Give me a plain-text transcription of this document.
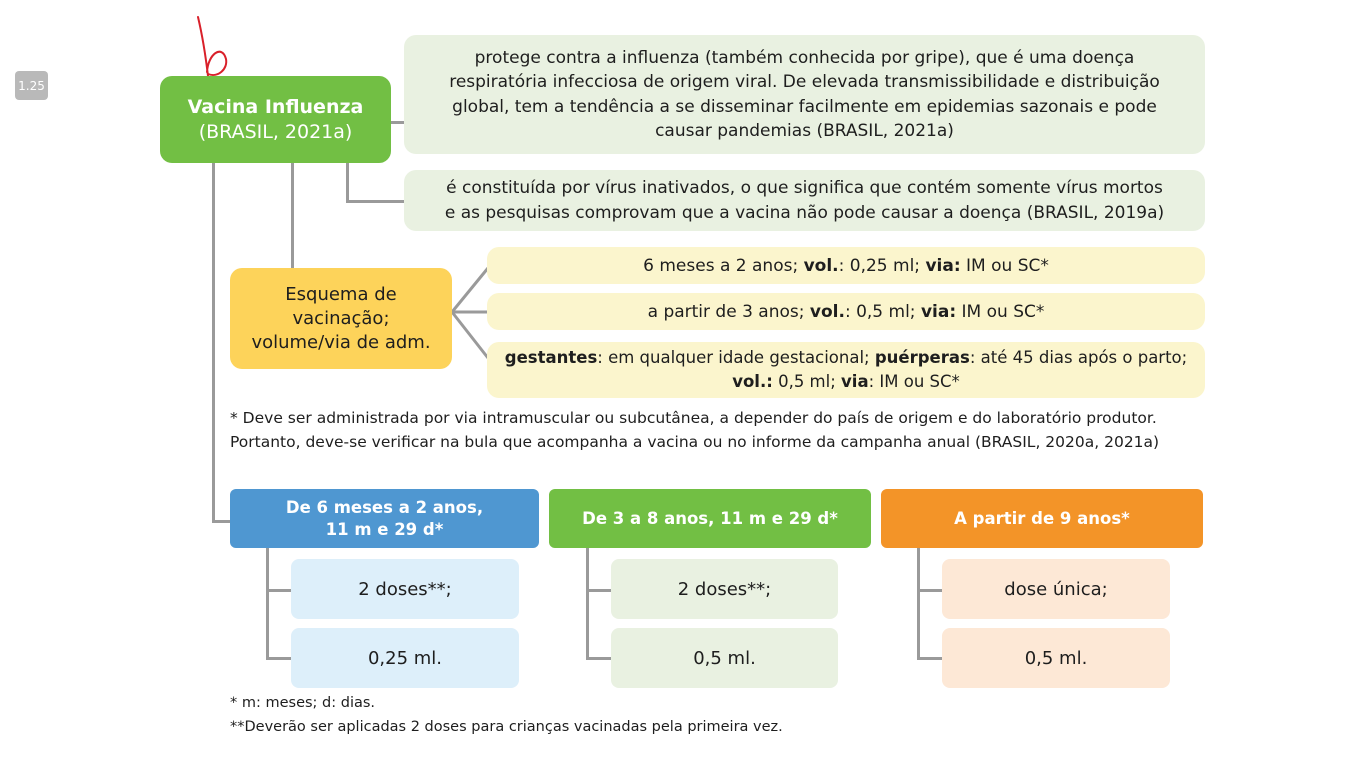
1.25
Vacina Influenza
(BRASIL, 2021a)
protege contra a influenza (também conhecida por gripe), que é uma doença
respiratória infecciosa de origem viral. De elevada transmissibilidade e distribuição
global, tem a tendência a se disseminar facilmente em epidemias sazonais e pode
causar pandemias (BRASIL, 2021a)
é constituída por vírus inativados, o que significa que contém somente vírus mortos
e as pesquisas comprovam que a vacina não pode causar a doença (BRASIL, 2019a)
Esquema de
vacinação;
volume/via de adm.
6 meses a 2 anos; vol.: 0,25 ml; via: IM ou SC*
a partir de 3 anos; vol.: 0,5 ml; via: IM ou SC*
gestantes: em qualquer idade gestacional; puérperas: até 45 dias após o parto;
vol.: 0,5 ml; via: IM ou SC*
* Deve ser administrada por via intramuscular ou subcutânea, a depender do país de origem e do laboratório produtor.
Portanto, deve-se verificar na bula que acompanha a vacina ou no informe da campanha anual (BRASIL, 2020a, 2021a)
De 6 meses a 2 anos,
11 m e 29 d*
De 3 a 8 anos, 11 m e 29 d*	A partir de 9 anos*
2 doses**;
0,25 ml.
2 doses**;
0,5 ml.
dose única;
0,5 ml.
* m: meses; d: dias.
**Deverão ser aplicadas 2 doses para crianças vacinadas pela primeira vez.
